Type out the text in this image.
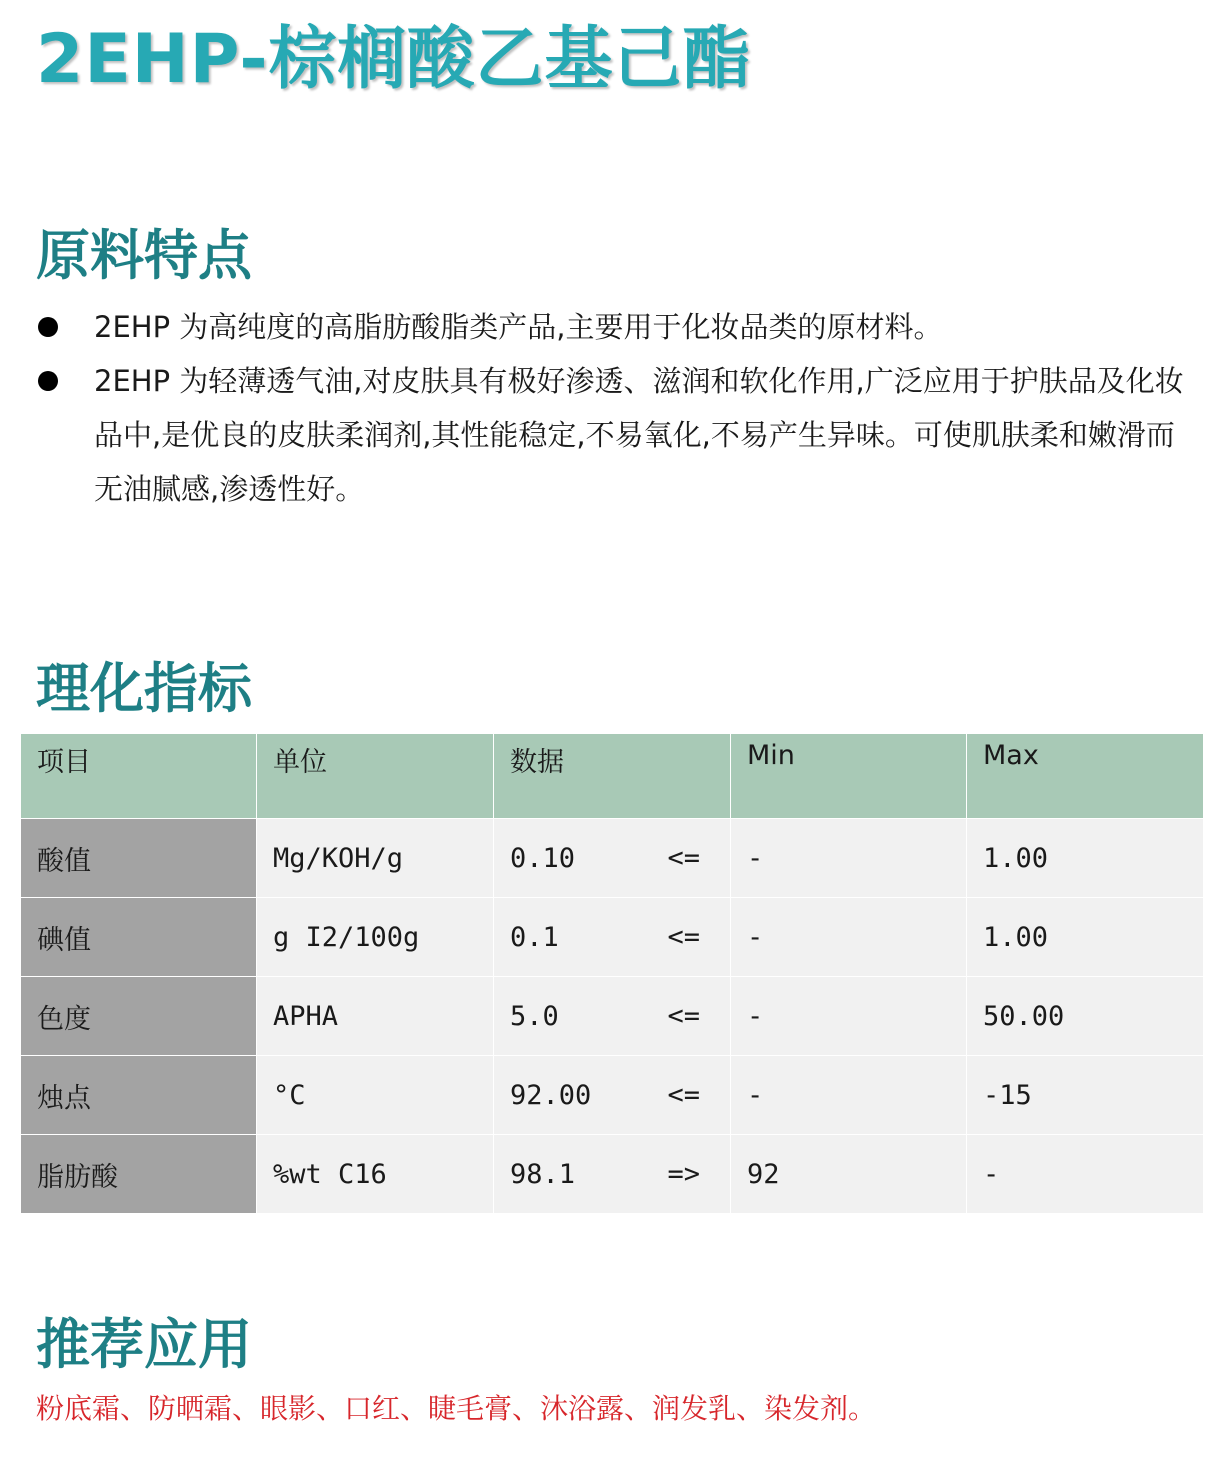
2EHP-棕榈酸乙基己酯
原料特点
2EHP 为高纯度的高脂肪酸脂类产品,主要用于化妆品类的原材料。
2EHP 为轻薄透气油,对皮肤具有极好渗透、滋润和软化作用,广泛应用于护肤品及化妆品中,是优良的皮肤柔润剂,其性能稳定,不易氧化,不易产生异味。可使肌肤柔和嫩滑而无油腻感,渗透性好。
理化指标
项目	单位	数据	Min	Max
酸值	Mg/KOH/g	0.10 <=	-	1.00
碘值	g I2/100g	0.1 <=	-	1.00
色度	APHA	5.0 <=	-	50.00
烛点	°C	92.00 <=	-	-15
脂肪酸	%wt C16	98.1 =>	92	-
推荐应用

粉底霜、防晒霜、眼影、口红、睫毛膏、沐浴露、润发乳、染发剂。
